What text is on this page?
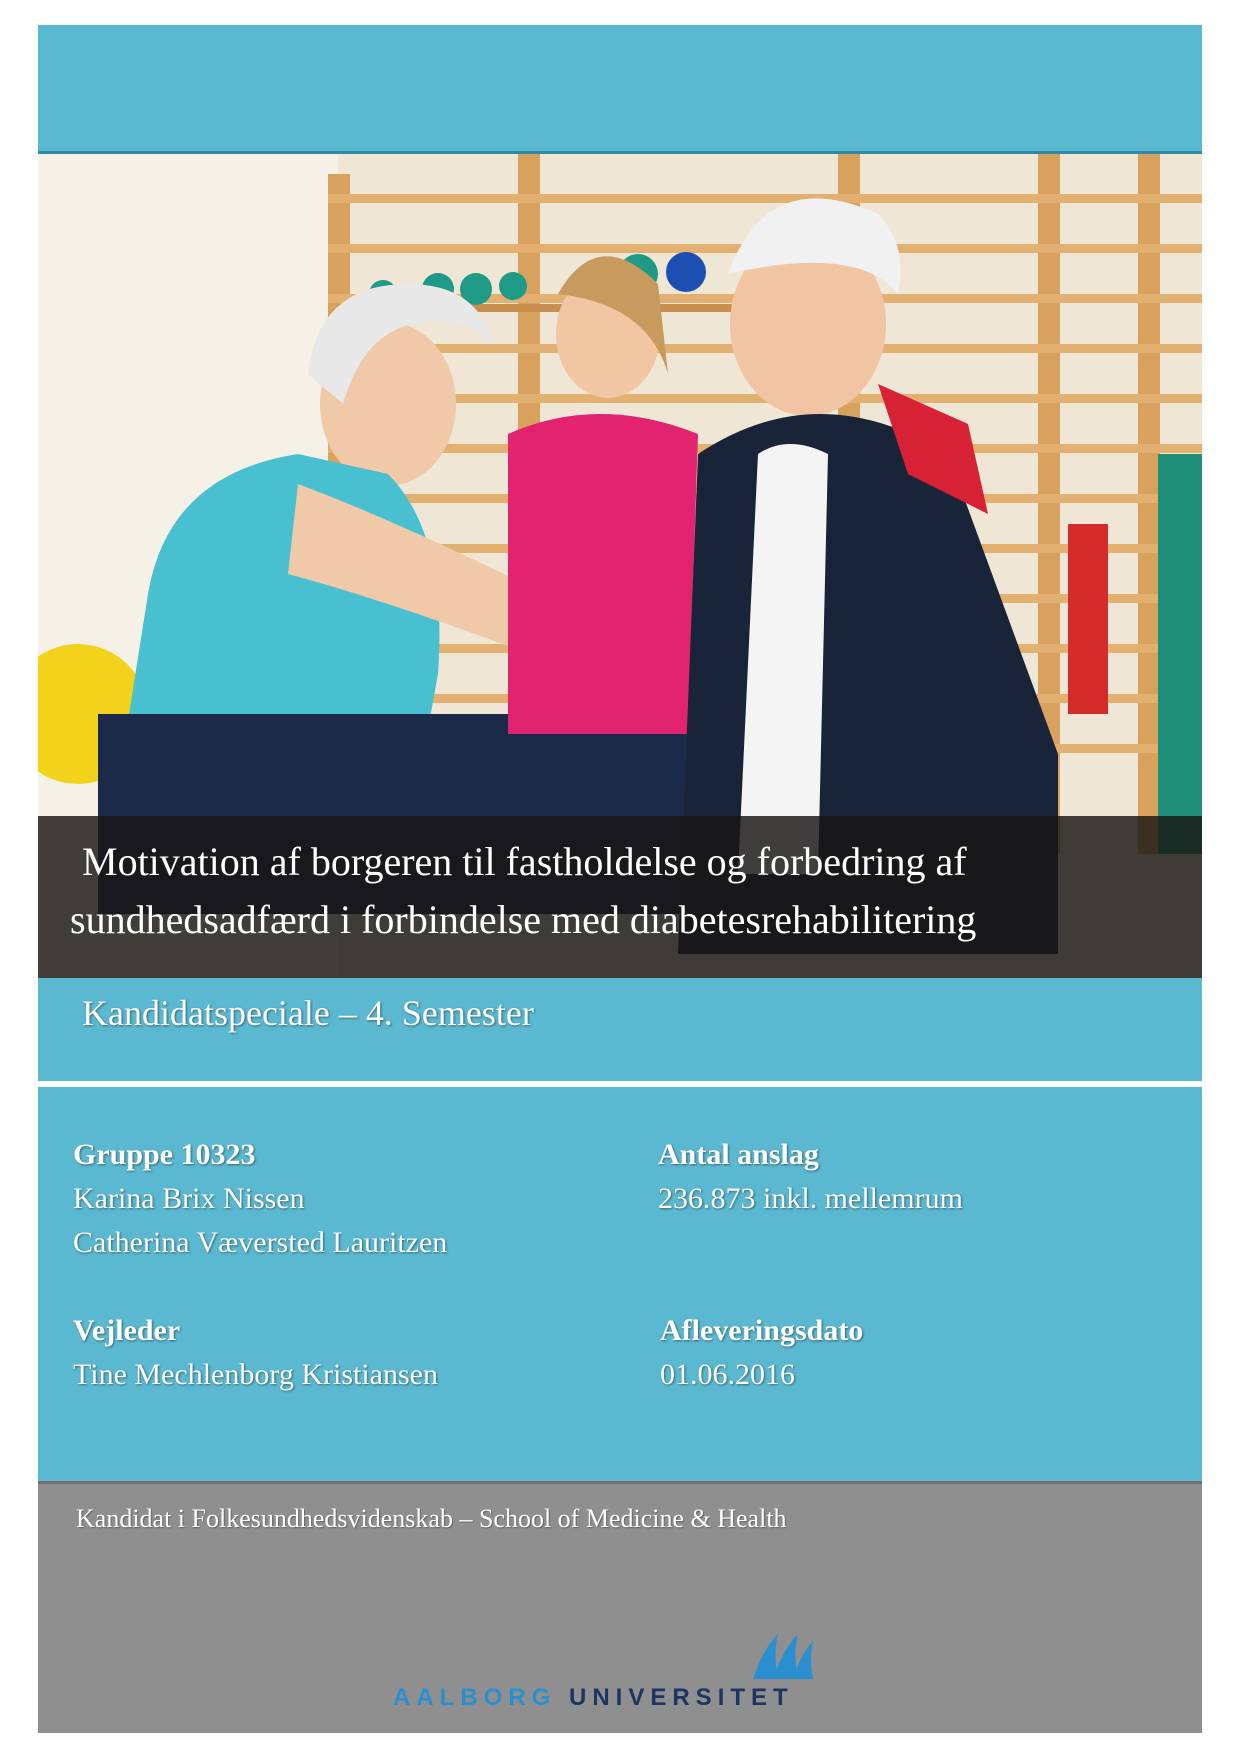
Motivation af borgeren til fastholdelse og forbedring af
sundhedsadfærd i forbindelse med diabetesrehabilitering
Kandidatspeciale – 4. Semester
Gruppe 10323
Karina Brix Nissen
Catherina Væversted Lauritzen
Antal anslag
236.873 inkl. mellemrum
Vejleder
Tine Mechlenborg Kristiansen
Afleveringsdato
01.06.2016
Kandidat i Folkesundhedsvidenskab – School of Medicine & Health
AALBORG UNIVERSITET
